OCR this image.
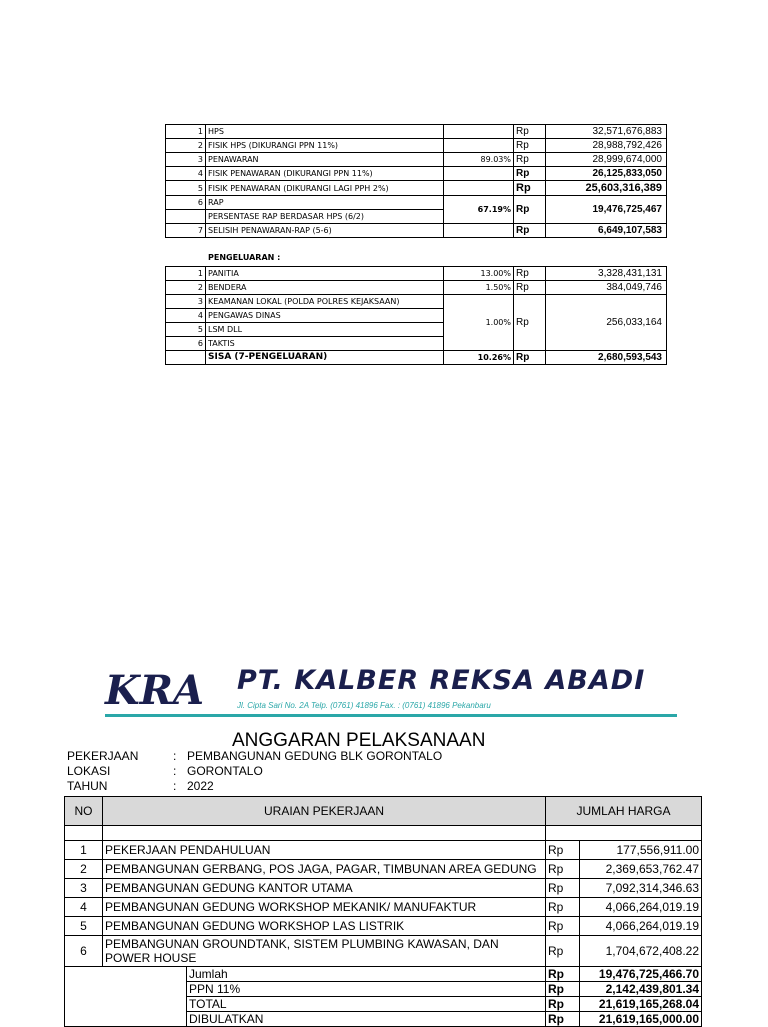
1	HPS		Rp	32,571,676,883
2	FISIK HPS (DIKURANGI PPN 11%)		Rp	28,988,792,426
3	PENAWARAN	89.03%	Rp	28,999,674,000
4	FISIK PENAWARAN (DIKURANGI PPN 11%)		Rp	26,125,833,050
5	FISIK PENAWARAN (DIKURANGI LAGI PPH 2%)		Rp	25,603,316,389
6	RAP	67.19%	Rp	19,476,725,467
	PERSENTASE RAP BERDASAR HPS (6/2)			
7	SELISIH PENAWARAN-RAP (5-6)		Rp	6,649,107,583
PENGELUARAN :
1	PANITIA	13.00%	Rp	3,328,431,131
2	BENDERA	1.50%	Rp	384,049,746
3	KEAMANAN LOKAL (POLDA POLRES KEJAKSAAN)	1.00%	Rp	256,033,164
4	PENGAWAS DINAS			
5	LSM DLL			
6	TAKTIS			
	SISA (7-PENGELUARAN)	10.26%	Rp	2,680,593,543
KRA PT. KALBER REKSA ABADI
Jl. Cipta Sari No. 2A Telp. (0761) 41896 Fax. : (0761) 41896 Pekanbaru
ANGGARAN PELAKSANAAN
PEKERJAAN	: PEMBANGUNAN GEDUNG BLK GORONTALO
LOKASI	: GORONTALO
TAHUN	: 2022
NO	URAIAN PEKERJAAN		JUMLAH HARGA	

1	PEKERJAAN PENDAHULUAN		Rp	177,556,911.00
2	PEMBANGUNAN GERBANG, POS JAGA, PAGAR, TIMBUNAN AREA GEDUNG		Rp	2,369,653,762.47
3	PEMBANGUNAN GEDUNG KANTOR UTAMA		Rp	7,092,314,346.63
4	PEMBANGUNAN GEDUNG WORKSHOP MEKANIK/ MANUFAKTUR		Rp	4,066,264,019.19
5	PEMBANGUNAN GEDUNG WORKSHOP LAS LISTRIK		Rp	4,066,264,019.19
6	PEMBANGUNAN GROUNDTANK, SISTEM PLUMBING KAWASAN, DAN POWER HOUSE		Rp	1,704,672,408.22
		Jumlah	Rp	19,476,725,466.70
		PPN 11%	Rp	2,142,439,801.34
		TOTAL	Rp	21,619,165,268.04
		DIBULATKAN	Rp	21,619,165,000.00
